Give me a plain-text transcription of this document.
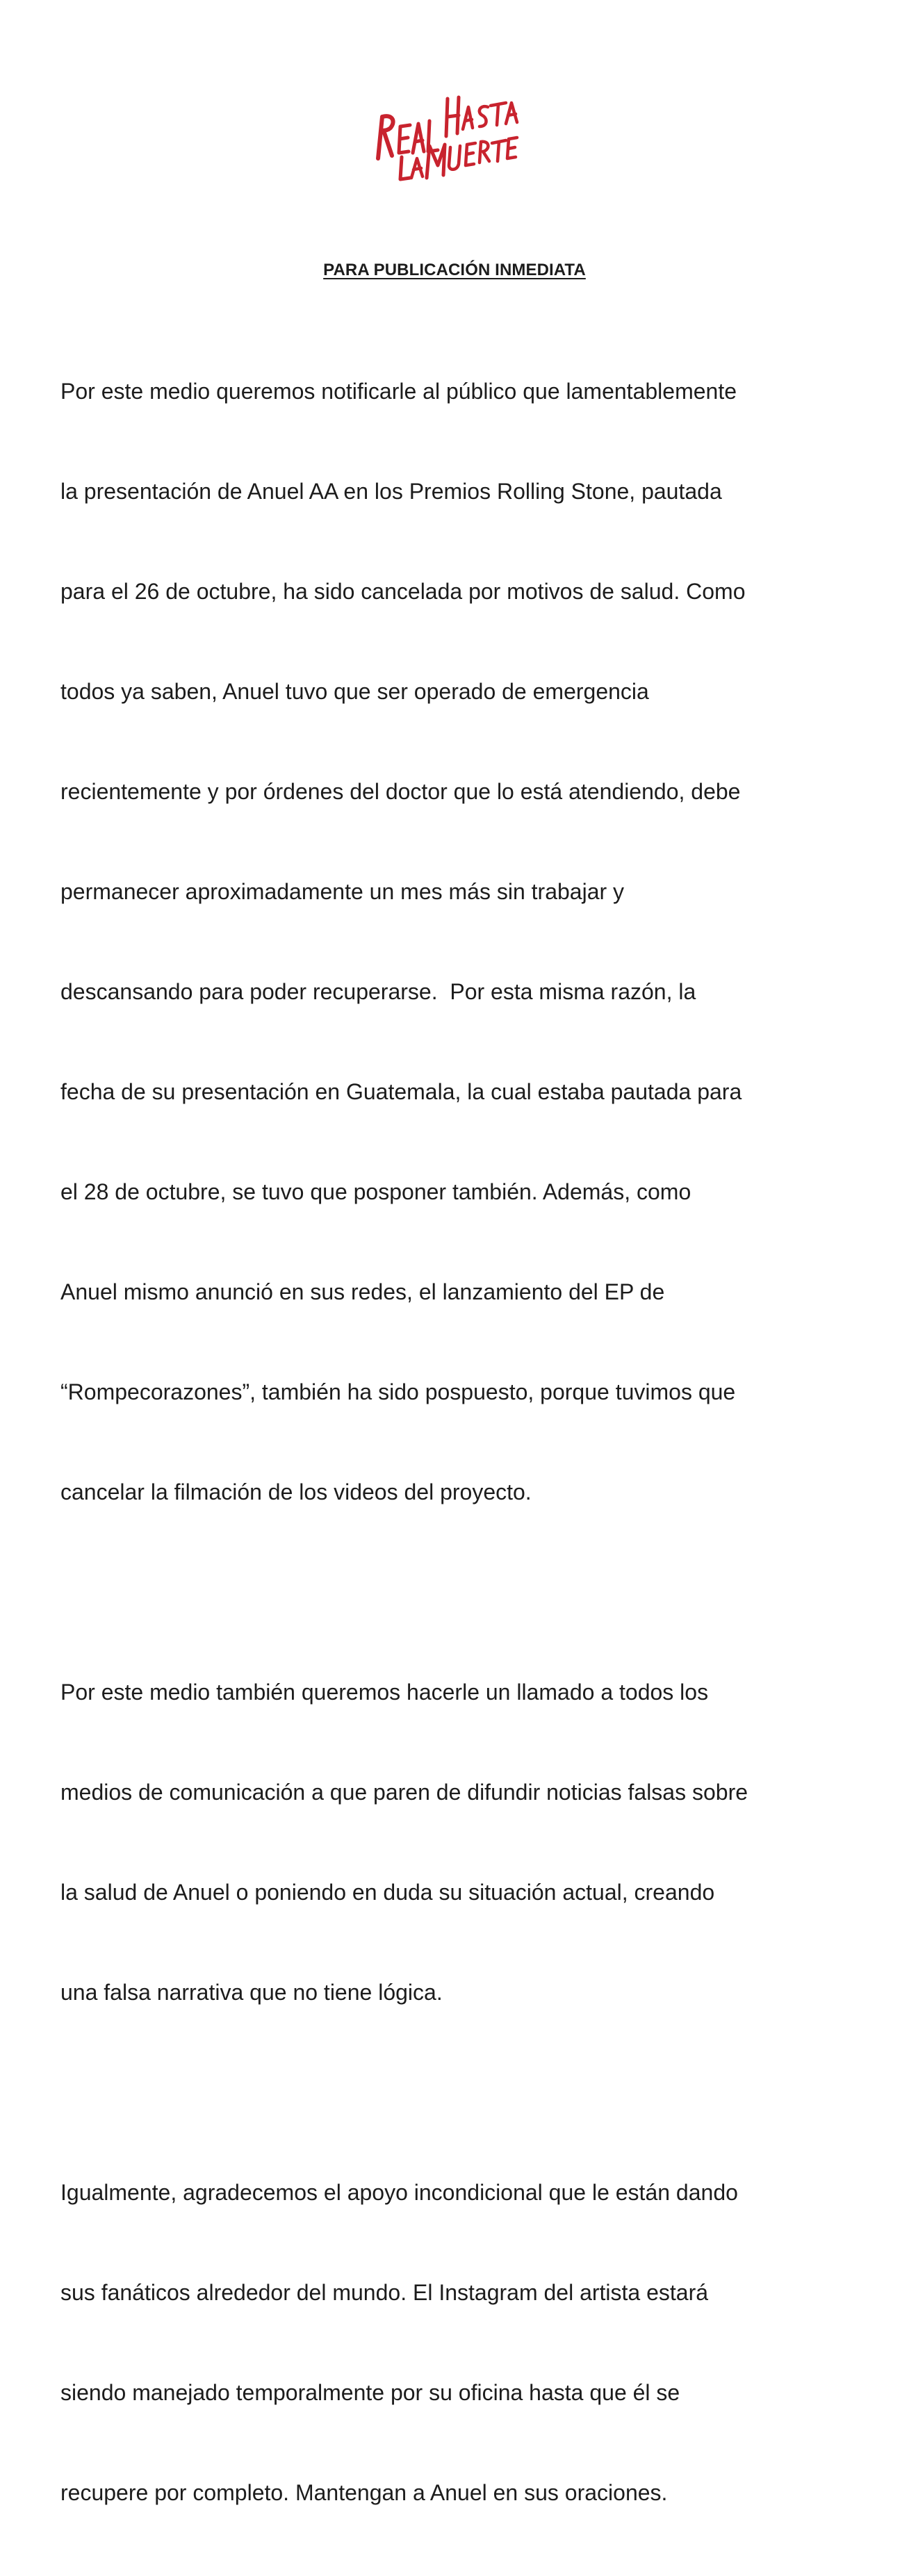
PARA PUBLICACIÓN INMEDIATA

Por este medio queremos notificarle al público que lamentablemente

la presentación de Anuel AA en los Premios Rolling Stone, pautada

para el 26 de octubre, ha sido cancelada por motivos de salud. Como

todos ya saben, Anuel tuvo que ser operado de emergencia

recientemente y por órdenes del doctor que lo está atendiendo, debe

permanecer aproximadamente un mes más sin trabajar y

descansando para poder recuperarse.  Por esta misma razón, la

fecha de su presentación en Guatemala, la cual estaba pautada para

el 28 de octubre, se tuvo que posponer también. Además, como

Anuel mismo anunció en sus redes, el lanzamiento del EP de

“Rompecorazones”, también ha sido pospuesto, porque tuvimos que

cancelar la filmación de los videos del proyecto.

Por este medio también queremos hacerle un llamado a todos los

medios de comunicación a que paren de difundir noticias falsas sobre

la salud de Anuel o poniendo en duda su situación actual, creando

una falsa narrativa que no tiene lógica.

Igualmente, agradecemos el apoyo incondicional que le están dando

sus fanáticos alrededor del mundo. El Instagram del artista estará

siendo manejado temporalmente por su oficina hasta que él se

recupere por completo. Mantengan a Anuel en sus oraciones.
